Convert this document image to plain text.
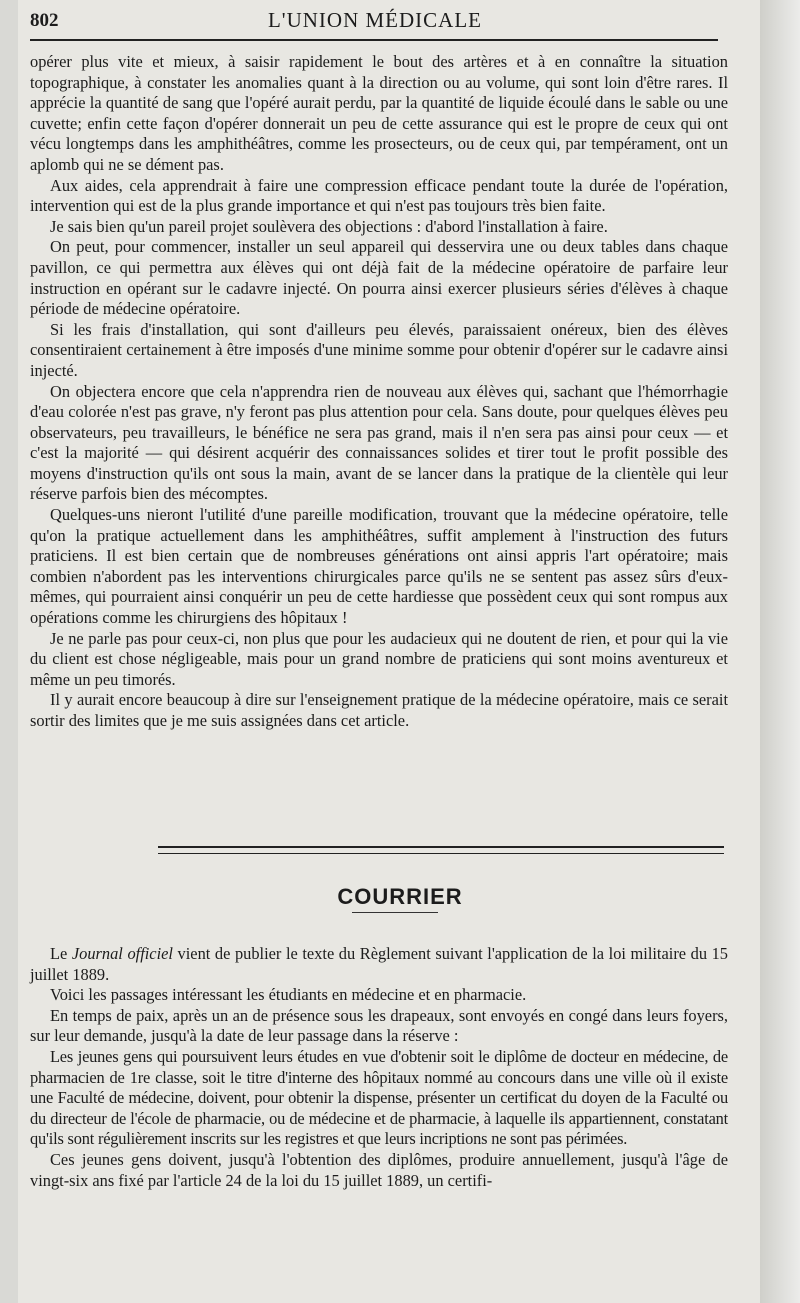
802	L'UNION MÉDICALE

opérer plus vite et mieux, à saisir rapidement le bout des artères et à en connaître la situation topographique, à constater les anomalies quant à la direction ou au volume, qui sont loin d'être rares. Il apprécie la quantité de sang que l'opéré aurait perdu, par la quantité de liquide écoulé dans le sable ou une cuvette; enfin cette façon d'opérer donnerait un peu de cette assurance qui est le propre de ceux qui ont vécu longtemps dans les amphithéâtres, comme les prosecteurs, ou de ceux qui, par tempérament, ont un aplomb qui ne se dément pas.

Aux aides, cela apprendrait à faire une compression efficace pendant toute la durée de l'opération, intervention qui est de la plus grande importance et qui n'est pas toujours très bien faite.

Je sais bien qu'un pareil projet soulèvera des objections : d'abord l'installation à faire.

On peut, pour commencer, installer un seul appareil qui desservira une ou deux tables dans chaque pavillon, ce qui permettra aux élèves qui ont déjà fait de la médecine opératoire de parfaire leur instruction en opérant sur le cadavre injecté. On pourra ainsi exercer plusieurs séries d'élèves à chaque période de médecine opératoire.

Si les frais d'installation, qui sont d'ailleurs peu élevés, paraissaient onéreux, bien des élèves consentiraient certainement à être imposés d'une minime somme pour obtenir d'opérer sur le cadavre ainsi injecté.

On objectera encore que cela n'apprendra rien de nouveau aux élèves qui, sachant que l'hémorrhagie d'eau colorée n'est pas grave, n'y feront pas plus attention pour cela. Sans doute, pour quelques élèves peu observateurs, peu travailleurs, le bénéfice ne sera pas grand, mais il n'en sera pas ainsi pour ceux — et c'est la majorité — qui désirent acquérir des connaissances solides et tirer tout le profit possible des moyens d'instruction qu'ils ont sous la main, avant de se lancer dans la pratique de la clientèle qui leur réserve parfois bien des mécomptes.

Quelques-uns nieront l'utilité d'une pareille modification, trouvant que la médecine opératoire, telle qu'on la pratique actuellement dans les amphithéâtres, suffit amplement à l'instruction des futurs praticiens. Il est bien certain que de nombreuses générations ont ainsi appris l'art opératoire; mais combien n'abordent pas les interventions chirurgicales parce qu'ils ne se sentent pas assez sûrs d'eux-mêmes, qui pourraient ainsi conquérir un peu de cette hardiesse que possèdent ceux qui sont rompus aux opérations comme les chirurgiens des hôpitaux !

Je ne parle pas pour ceux-ci, non plus que pour les audacieux qui ne doutent de rien, et pour qui la vie du client est chose négligeable, mais pour un grand nombre de praticiens qui sont moins aventureux et même un peu timorés.

Il y aurait encore beaucoup à dire sur l'enseignement pratique de la médecine opératoire, mais ce serait sortir des limites que je me suis assignées dans cet article.

COURRIER

Le Journal officiel vient de publier le texte du Règlement suivant l'application de la loi militaire du 15 juillet 1889.

Voici les passages intéressant les étudiants en médecine et en pharmacie.

En temps de paix, après un an de présence sous les drapeaux, sont envoyés en congé dans leurs foyers, sur leur demande, jusqu'à la date de leur passage dans la réserve :

Les jeunes gens qui poursuivent leurs études en vue d'obtenir soit le diplôme de docteur en médecine, de pharmacien de 1re classe, soit le titre d'interne des hôpitaux nommé au concours dans une ville où il existe une Faculté de médecine, doivent, pour obtenir la dispense, présenter un certificat du doyen de la Faculté ou du directeur de l'école de pharmacie, ou de médecine et de pharmacie, à laquelle ils appartiennent, constatant qu'ils sont régulièrement inscrits sur les registres et que leurs incriptions ne sont pas périmées.

Ces jeunes gens doivent, jusqu'à l'obtention des diplômes, produire annuellement, jusqu'à l'âge de vingt-six ans fixé par l'article 24 de la loi du 15 juillet 1889, un certifi-
